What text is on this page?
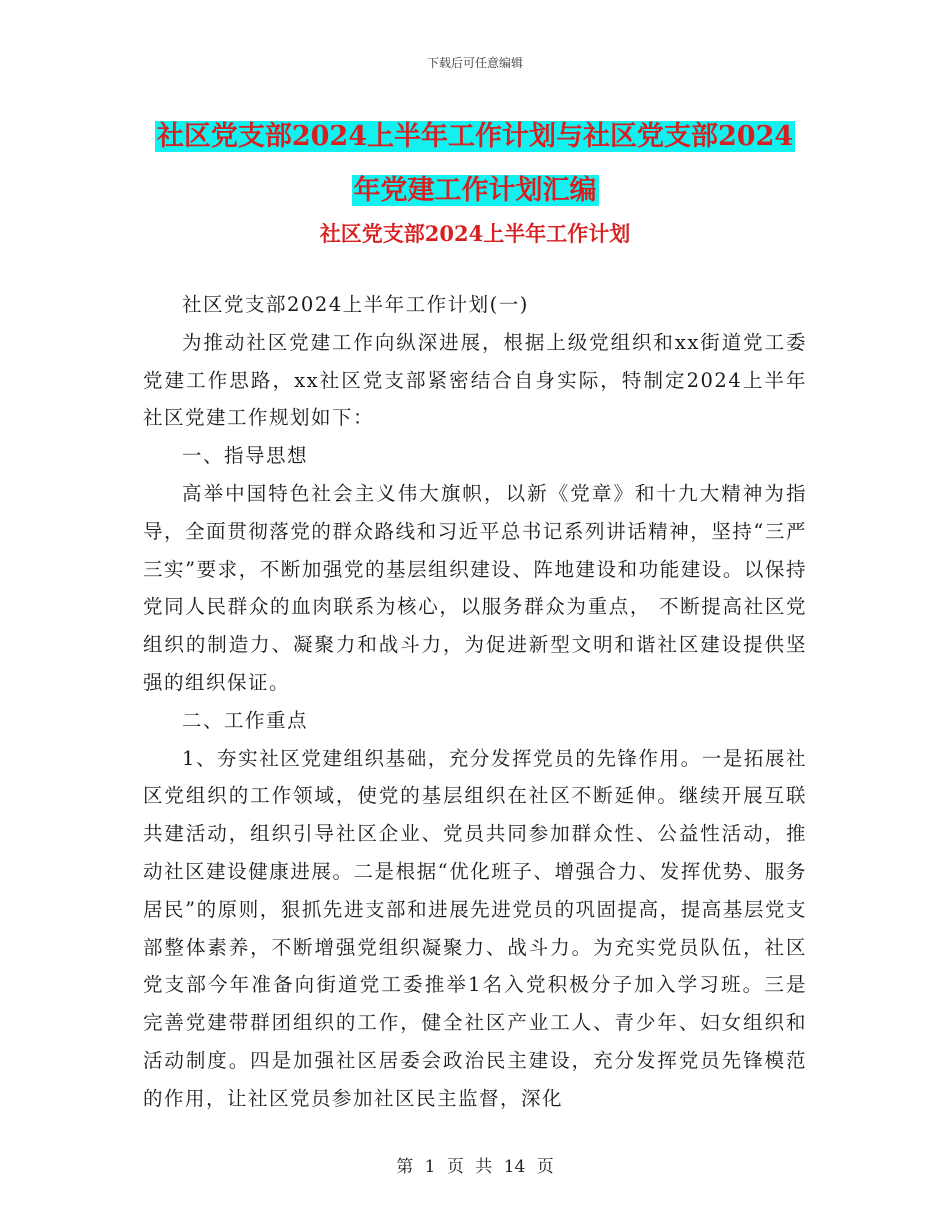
下载后可任意编辑
社区党支部2024上半年工作计划与社区党支部2024
年党建工作计划汇编
社区党支部2024上半年工作计划

社区党支部2024上半年工作计划(一)

为推动社区党建工作向纵深进展，根据上级党组织和xx街道党工委党建工作思路，xx社区党支部紧密结合自身实际，特制定2024上半年社区党建工作规划如下：

一、指导思想

高举中国特色社会主义伟大旗帜，以新《党章》和十九大精神为指导，全面贯彻落党的群众路线和习近平总书记系列讲话精神，坚持“三严三实”要求，不断加强党的基层组织建设、阵地建设和功能建设。以保持党同人民群众的血肉联系为核心，以服务群众为重点， 不断提高社区党组织的制造力、凝聚力和战斗力，为促进新型文明和谐社区建设提供坚强的组织保证。

二、工作重点

1、夯实社区党建组织基础，充分发挥党员的先锋作用。一是拓展社区党组织的工作领域，使党的基层组织在社区不断延伸。继续开展互联共建活动，组织引导社区企业、党员共同参加群众性、公益性活动，推动社区建设健康进展。二是根据“优化班子、增强合力、发挥优势、服务居民”的原则，狠抓先进支部和进展先进党员的巩固提高，提高基层党支部整体素养，不断增强党组织凝聚力、战斗力。为充实党员队伍，社区党支部今年准备向街道党工委推举1名入党积极分子加入学习班。三是完善党建带群团组织的工作，健全社区产业工人、青少年、妇女组织和活动制度。四是加强社区居委会政治民主建设，充分发挥党员先锋模范的作用，让社区党员参加社区民主监督，深化

第 1 页 共 14 页
